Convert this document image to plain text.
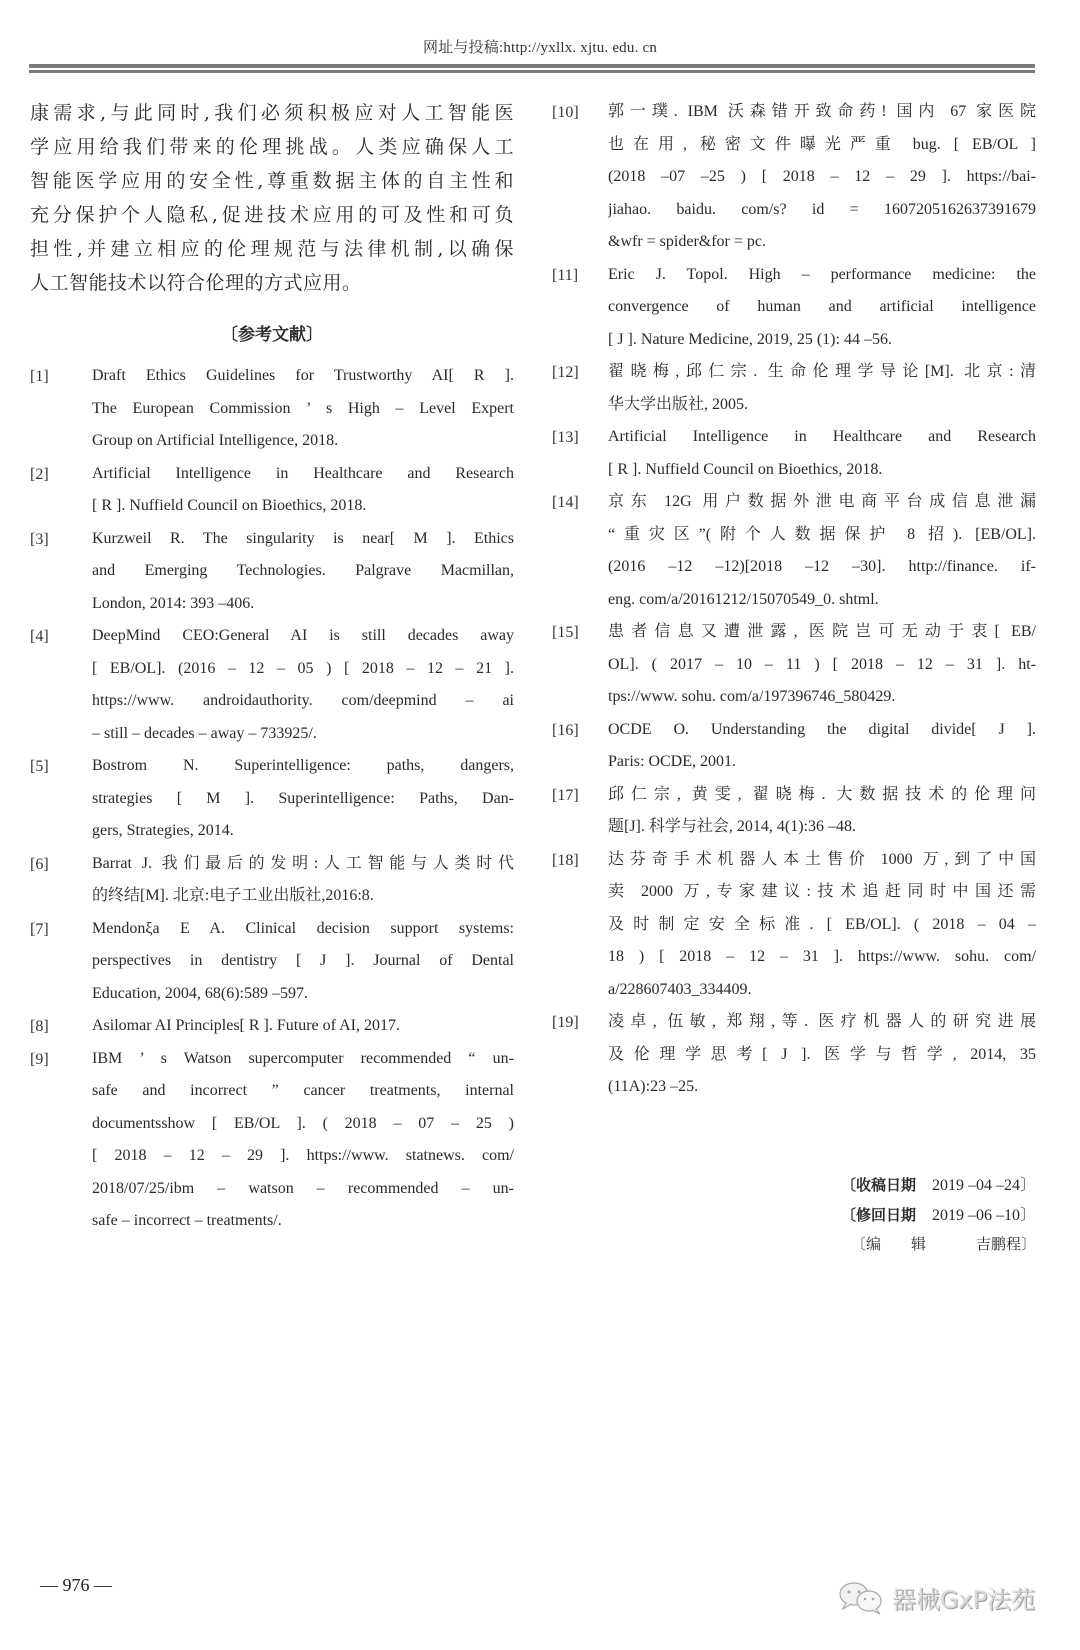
网址与投稿:http://yxllx. xjtu. edu. cn
康需求,与此同时,我们必须积极应对人工智能医
学应用给我们带来的伦理挑战。人类应确保人工
智能医学应用的安全性,尊重数据主体的自主性和
充分保护个人隐私,促进技术应用的可及性和可负
担性,并建立相应的伦理规范与法律机制,以确保
人工智能技术以符合伦理的方式应用。
〔参考文献〕
[1]	Draft Ethics Guidelines for Trustworthy AI[ R ].
The European Commission ’ s High – Level Expert
Group on Artificial Intelligence, 2018.
[2]	Artificial Intelligence in Healthcare and Research
[ R ]. Nuffield Council on Bioethics, 2018.
[3]	Kurzweil R. The singularity is near[ M ]. Ethics
and Emerging Technologies. Palgrave Macmillan,
London, 2014: 393 –406.
[4]	DeepMind CEO:General AI is still decades away
[ EB/OL]. (2016 – 12 – 05 ) [ 2018 – 12 – 21 ].
https://www. androidauthority. com/deepmind – ai
– still – decades – away – 733925/.
[5]	Bostrom N. Superintelligence: paths, dangers,
strategies [ M ]. Superintelligence: Paths, Dan-
gers, Strategies, 2014.
[6]	Barrat J. 我们最后的发明:人工智能与人类时代
的终结[M]. 北京:电子工业出版社,2016:8.
[7]	Mendonξa E A. Clinical decision support systems:
perspectives in dentistry [ J ]. Journal of Dental
Education, 2004, 68(6):589 –597.
[8]	Asilomar AI Principles[ R ]. Future of AI, 2017.
[9]	IBM ’ s Watson supercomputer recommended “ un-
safe and incorrect ” cancer treatments, internal
documentsshow [ EB/OL ]. ( 2018 – 07 – 25 )
[ 2018 – 12 – 29 ]. https://www. statnews. com/
2018/07/25/ibm – watson – recommended – un-
safe – incorrect – treatments/.
[10] 郭一璞. IBM 沃森错开致命药! 国内 67 家医院
也在用, 秘密文件曝光严重 bug. [ EB/OL ]
(2018 –07 –25 ) [ 2018 – 12 – 29 ]. https://bai-
jiahao. baidu. com/s? id = 1607205162637391679
&wfr = spider&for = pc.
[11] Eric J. Topol. High – performance medicine: the
convergence of human and artificial intelligence
[ J ]. Nature Medicine, 2019, 25 (1): 44 –56.
[12] 翟晓梅,邱仁宗. 生命伦理学导论[M]. 北京:清
华大学出版社, 2005.
[13] Artificial Intelligence in Healthcare and Research
[ R ]. Nuffield Council on Bioethics, 2018.
[14] 京东 12G 用户数据外泄电商平台成信息泄漏
“重灾区”(附个人数据保护 8 招). [EB/OL].
(2016 –12 –12)[2018 –12 –30]. http://finance. if-
eng. com/a/20161212/15070549_0. shtml.
[15] 患者信息又遭泄露, 医院岂可无动于衷[ EB/
OL]. ( 2017 – 10 – 11 ) [ 2018 – 12 – 31 ]. ht-
tps://www. sohu. com/a/197396746_580429.
[16] OCDE O. Understanding the digital divide[ J ].
Paris: OCDE, 2001.
[17] 邱仁宗, 黄雯, 翟晓梅. 大数据技术的伦理问
题[J]. 科学与社会, 2014, 4(1):36 –48.
[18] 达芬奇手术机器人本土售价 1000 万,到了中国
卖 2000 万,专家建议:技术追赶同时中国还需
及时制定安全标准. [ EB/OL]. ( 2018 – 04 –
18 ) [ 2018 – 12 – 31 ]. https://www. sohu. com/
a/228607403_334409.
[19] 凌卓, 伍敏, 郑翔,等. 医疗机器人的研究进展
及伦理学思考[ J ]. 医学与哲学, 2014, 35
(11A):23 –25.
〔收稿日期 2019 –04 –24〕
〔修回日期 2019 –06 –10〕
〔编　　辑	吉鹏程〕
— 976 —
器械GxP法苑
